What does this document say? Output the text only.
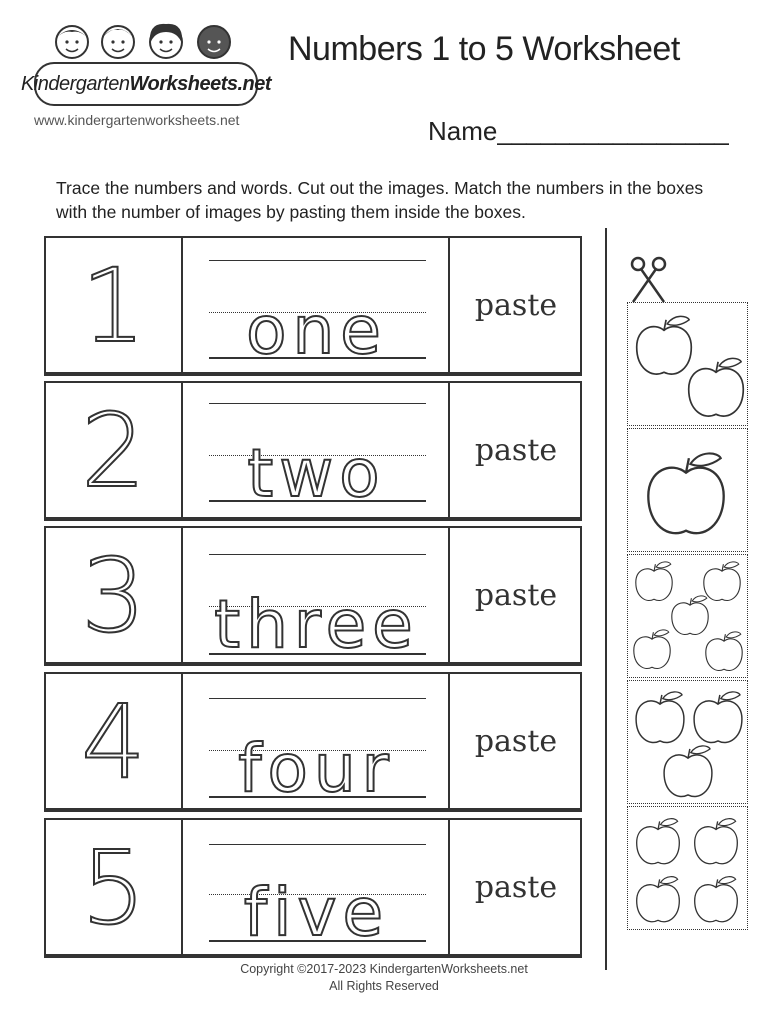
Kindergarten Worksheets.net
www.kindergartenworksheets.net
Numbers 1 to 5 Worksheet
Name________________
Trace the numbers and words. Cut out the images. Match the numbers in the boxes with the number of images by pasting them inside the boxes.
1	one	paste
2	two	paste
3	three	paste
4	four	paste
5	five	paste
Copyright ©2017-2023 KindergartenWorksheets.net
All Rights Reserved
